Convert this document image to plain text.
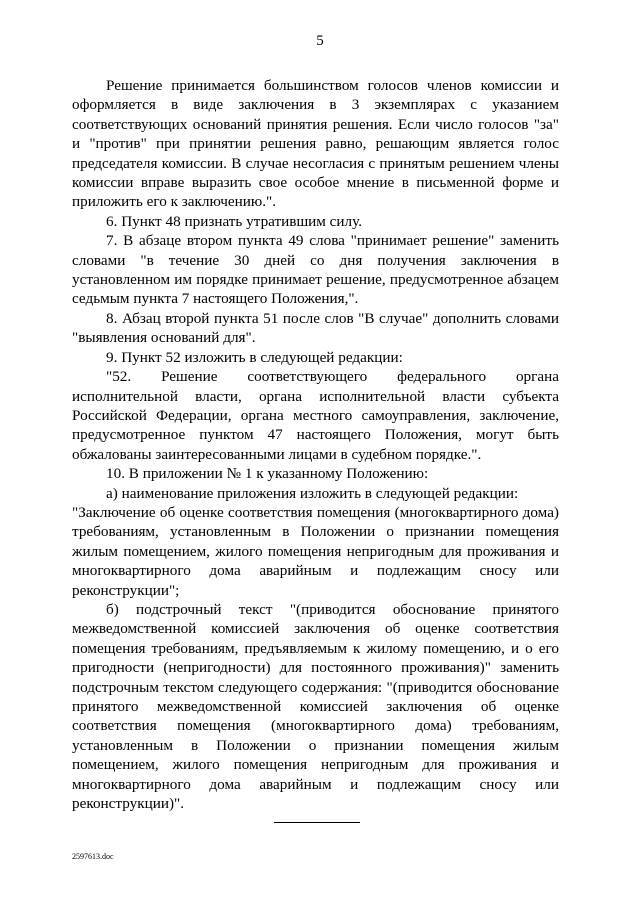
5

Решение принимается большинством голосов членов комиссии и оформляется в виде заключения в 3 экземплярах с указанием соответствующих оснований принятия решения. Если число голосов "за" и "против" при принятии решения равно, решающим является голос председателя комиссии. В случае несогласия с принятым решением члены комиссии вправе выразить свое особое мнение в письменной форме и приложить его к заключению.".

6. Пункт 48 признать утратившим силу.

7. В абзаце втором пункта 49 слова "принимает решение" заменить словами "в течение 30 дней со дня получения заключения в установленном им порядке принимает решение, предусмотренное абзацем седьмым пункта 7 настоящего Положения,".

8. Абзац второй пункта 51 после слов "В случае" дополнить словами "выявления оснований для".

9. Пункт 52 изложить в следующей редакции:

"52. Решение соответствующего федерального органа исполнительной власти, органа исполнительной власти субъекта Российской Федерации, органа местного самоуправления, заключение, предусмотренное пунктом 47 настоящего Положения, могут быть обжалованы заинтересованными лицами в судебном порядке.".

10. В приложении № 1 к указанному Положению:

а) наименование приложения изложить в следующей редакции:

"Заключение об оценке соответствия помещения (многоквартирного дома) требованиям, установленным в Положении о признании помещения жилым помещением, жилого помещения непригодным для проживания и многоквартирного дома аварийным и подлежащим сносу или реконструкции";

б) подстрочный текст "(приводится обоснование принятого межведомственной комиссией заключения об оценке соответствия помещения требованиям, предъявляемым к жилому помещению, и о его пригодности (непригодности) для постоянного проживания)" заменить подстрочным текстом следующего содержания: "(приводится обоснование принятого межведомственной комиссией заключения об оценке соответствия помещения (многоквартирного дома) требованиям, установленным в Положении о признании помещения жилым помещением, жилого помещения непригодным для проживания и многоквартирного дома аварийным и подлежащим сносу или реконструкции)".

2597613.doc
